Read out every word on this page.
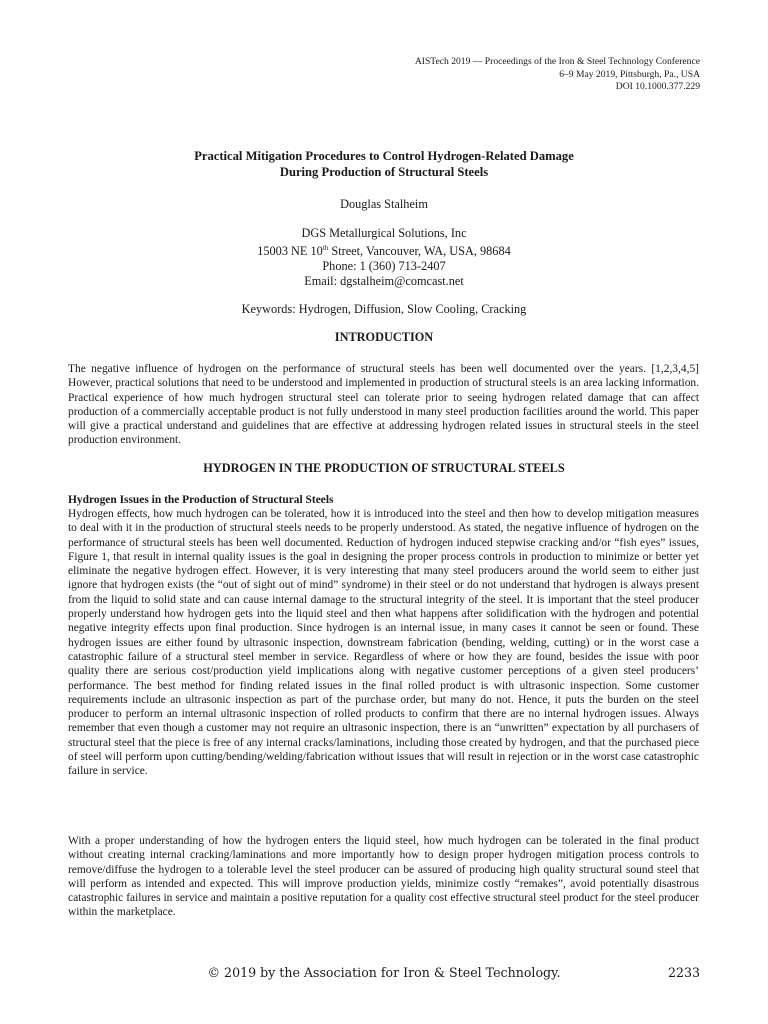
AISTech 2019 — Proceedings of the Iron & Steel Technology Conference
6–9 May 2019, Pittsburgh, Pa., USA
DOI 10.1000.377.229
Practical Mitigation Procedures to Control Hydrogen-Related Damage
During Production of Structural Steels
Douglas Stalheim
DGS Metallurgical Solutions, Inc
15003 NE 10th Street, Vancouver, WA, USA, 98684
Phone: 1 (360) 713-2407
Email: dgstalheim@comcast.net
Keywords: Hydrogen, Diffusion, Slow Cooling, Cracking
INTRODUCTION

The negative influence of hydrogen on the performance of structural steels has been well documented over the years. [1,2,3,4,5] However, practical solutions that need to be understood and implemented in production of structural steels is an area lacking information. Practical experience of how much hydrogen structural steel can tolerate prior to seeing hydrogen related damage that can affect production of a commercially acceptable product is not fully understood in many steel production facilities around the world. This paper will give a practical understand and guidelines that are effective at addressing hydrogen related issues in structural steels in the steel production environment.

HYDROGEN IN THE PRODUCTION OF STRUCTURAL STEELS
Hydrogen Issues in the Production of Structural Steels

Hydrogen effects, how much hydrogen can be tolerated, how it is introduced into the steel and then how to develop mitigation measures to deal with it in the production of structural steels needs to be properly understood. As stated, the negative influence of hydrogen on the performance of structural steels has been well documented. Reduction of hydrogen induced stepwise cracking and/or “fish eyes” issues, Figure 1, that result in internal quality issues is the goal in designing the proper process controls in production to minimize or better yet eliminate the negative hydrogen effect. However, it is very interesting that many steel producers around the world seem to either just ignore that hydrogen exists (the “out of sight out of mind” syndrome) in their steel or do not understand that hydrogen is always present from the liquid to solid state and can cause internal damage to the structural integrity of the steel. It is important that the steel producer properly understand how hydrogen gets into the liquid steel and then what happens after solidification with the hydrogen and potential negative integrity effects upon final production. Since hydrogen is an internal issue, in many cases it cannot be seen or found. These hydrogen issues are either found by ultrasonic inspection, downstream fabrication (bending, welding, cutting) or in the worst case a catastrophic failure of a structural steel member in service. Regardless of where or how they are found, besides the issue with poor quality there are serious cost/production yield implications along with negative customer perceptions of a given steel producers’ performance. The best method for finding related issues in the final rolled product is with ultrasonic inspection. Some customer requirements include an ultrasonic inspection as part of the purchase order, but many do not. Hence, it puts the burden on the steel producer to perform an internal ultrasonic inspection of rolled products to confirm that there are no internal hydrogen issues. Always remember that even though a customer may not require an ultrasonic inspection, there is an “unwritten” expectation by all purchasers of structural steel that the piece is free of any internal cracks/laminations, including those created by hydrogen, and that the purchased piece of steel will perform upon cutting/bending/welding/fabrication without issues that will result in rejection or in the worst case catastrophic failure in service.

With a proper understanding of how the hydrogen enters the liquid steel, how much hydrogen can be tolerated in the final product without creating internal cracking/laminations and more importantly how to design proper hydrogen mitigation process controls to remove/diffuse the hydrogen to a tolerable level the steel producer can be assured of producing high quality structural sound steel that will perform as intended and expected. This will improve production yields, minimize costly “remakes”, avoid potentially disastrous catastrophic failures in service and maintain a positive reputation for a quality cost effective structural steel product for the steel producer within the marketplace.

© 2019 by the Association for Iron & Steel Technology.	2233
